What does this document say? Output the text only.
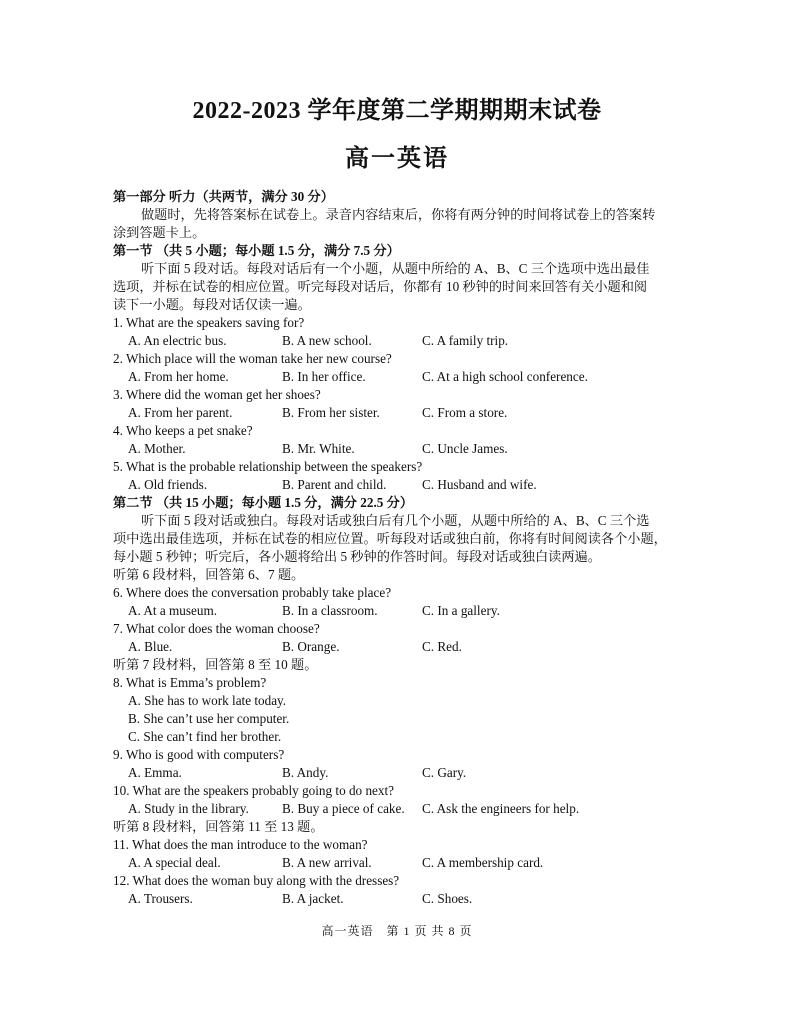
2022-2023 学年度第二学期期期末试卷
高一英语
第一部分 听力（共两节，满分 30 分）
做题时，先将答案标在试卷上。录音内容结束后，你将有两分钟的时间将试卷上的答案转
涂到答题卡上。
第一节 （共 5 小题；每小题 1.5 分，满分 7.5 分）
听下面 5 段对话。每段对话后有一个小题，从题中所给的 A、B、C 三个选项中选出最佳
选项，并标在试卷的相应位置。听完每段对话后，你都有 10 秒钟的时间来回答有关小题和阅
读下一小题。每段对话仅读一遍。
1. What are the speakers saving for?
A. An electric bus.	B. A new school.	C. A family trip.
2. Which place will the woman take her new course?
A. From her home.	B. In her office.	C. At a high school conference.
3. Where did the woman get her shoes?
A. From her parent.	B. From her sister.	C. From a store.
4. Who keeps a pet snake?
A. Mother.	B. Mr. White.	C. Uncle James.
5. What is the probable relationship between the speakers?
A. Old friends.	B. Parent and child.	C. Husband and wife.
第二节 （共 15 小题；每小题 1.5 分，满分 22.5 分）
听下面 5 段对话或独白。每段对话或独白后有几个小题，从题中所给的 A、B、C 三个选
项中选出最佳选项，并标在试卷的相应位置。听每段对话或独白前，你将有时间阅读各个小题，
每小题 5 秒钟；听完后，各小题将给出 5 秒钟的作答时间。每段对话或独白读两遍。
听第 6 段材料，回答第 6、7 题。
6. Where does the conversation probably take place?
A. At a museum.	B. In a classroom.	C. In a gallery.
7. What color does the woman choose?
A. Blue.	B. Orange.	C. Red.
听第 7 段材料，回答第 8 至 10 题。
8. What is Emma’s problem?
A. She has to work late today.
B. She can’t use her computer.
C. She can’t find her brother.
9. Who is good with computers?
A. Emma.	B. Andy.	C. Gary.
10. What are the speakers probably going to do next?
A. Study in the library.	B. Buy a piece of cake.	C. Ask the engineers for help.
听第 8 段材料，回答第 11 至 13 题。
11. What does the man introduce to the woman?
A. A special deal.	B. A new arrival.	C. A membership card.
12. What does the woman buy along with the dresses?
A. Trousers.	B. A jacket.	C. Shoes.
高一英语　第 1 页 共 8 页
